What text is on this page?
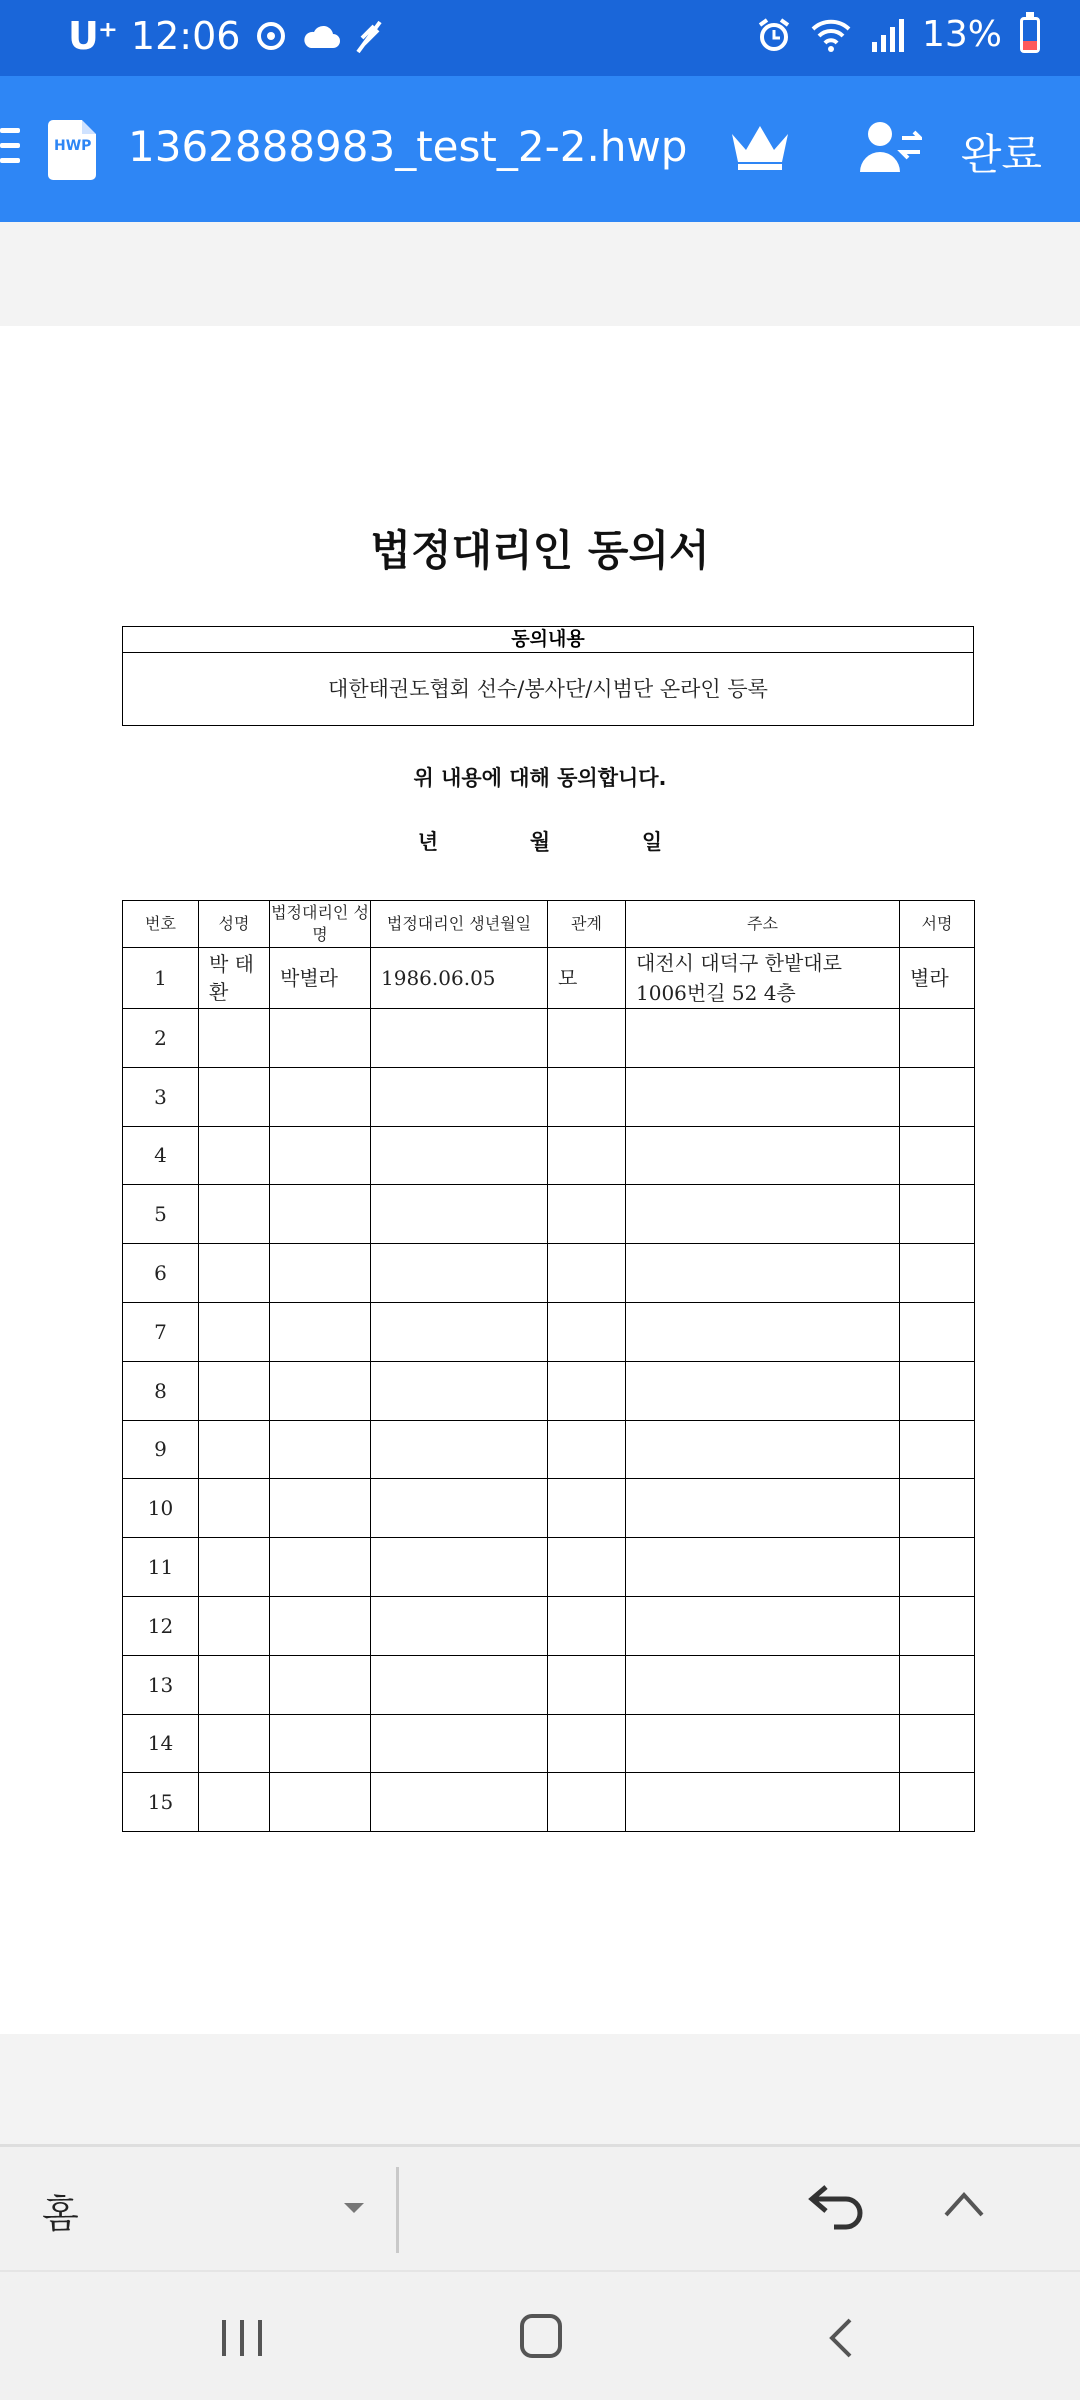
U⁺ 12:06	13%
HWP 1362888983_test_2-2.hwp	완료
법정대리인 동의서
동의내용
대한태권도협회 선수/봉사단/시범단 온라인 등록
위 내용에 대해 동의합니다.
년	월	일
번호	성명	법정대리인 성명	법정대리인 생년월일	관계	주소	서명
1	박 태 환	박별라	1986.06.05	모	대전시 대덕구 한밭대로 1006번길 52 4층	별라
2						
3						
4						
5						
6						
7						
8						
9						
10						
11						
12						
13						
14						
15						
홈
